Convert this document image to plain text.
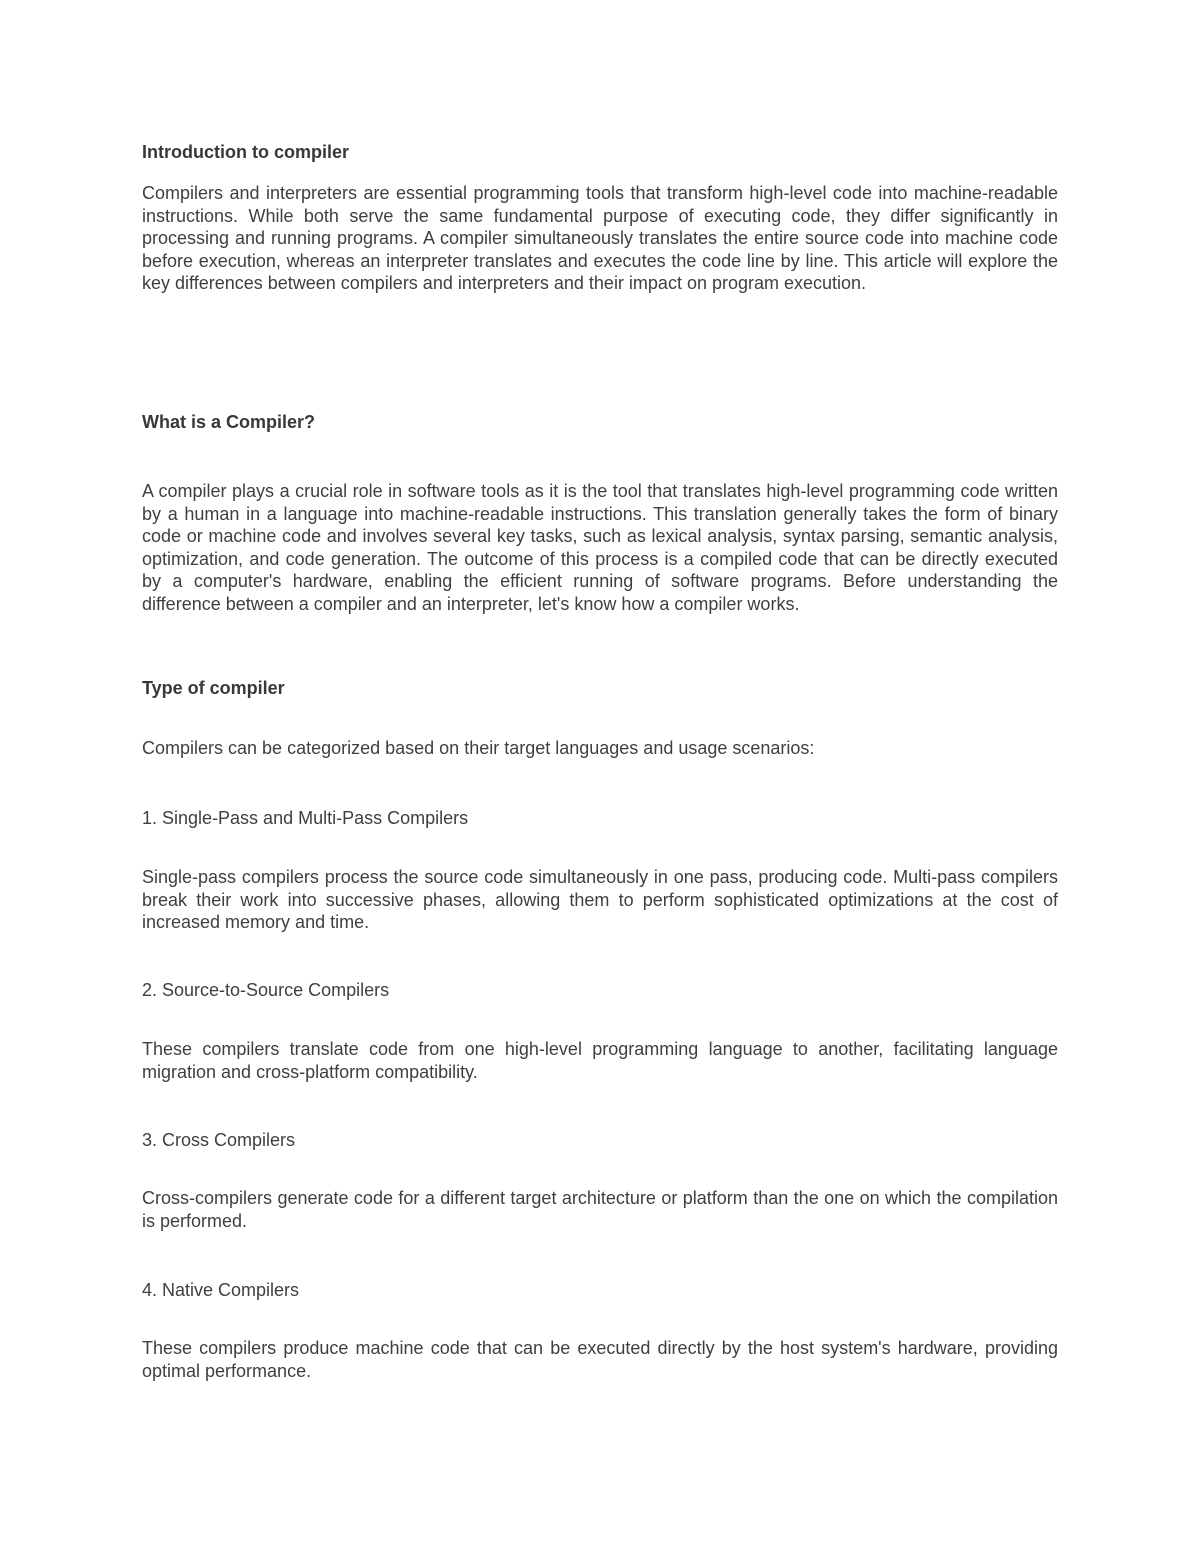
Introduction to compiler

Compilers and interpreters are essential programming tools that transform high-level code into machine-readable instructions. While both serve the same fundamental purpose of executing code, they differ significantly in processing and running programs. A compiler simultaneously translates the entire source code into machine code before execution, whereas an interpreter translates and executes the code line by line. This article will explore the key differences between compilers and interpreters and their impact on program execution.

What is a Compiler?

A compiler plays a crucial role in software tools as it is the tool that translates high-level programming code written by a human in a language into machine-readable instructions. This translation generally takes the form of binary code or machine code and involves several key tasks, such as lexical analysis, syntax parsing, semantic analysis, optimization, and code generation. The outcome of this process is a compiled code that can be directly executed by a computer's hardware, enabling the efficient running of software programs. Before understanding the difference between a compiler and an interpreter, let's know how a compiler works.

Type of compiler

Compilers can be categorized based on their target languages and usage scenarios:

1. Single-Pass and Multi-Pass Compilers

Single-pass compilers process the source code simultaneously in one pass, producing code. Multi-pass compilers break their work into successive phases, allowing them to perform sophisticated optimizations at the cost of increased memory and time.

2. Source-to-Source Compilers

These compilers translate code from one high-level programming language to another, facilitating language migration and cross-platform compatibility.

3. Cross Compilers

Cross-compilers generate code for a different target architecture or platform than the one on which the compilation is performed.

4. Native Compilers

These compilers produce machine code that can be executed directly by the host system's hardware, providing optimal performance.
